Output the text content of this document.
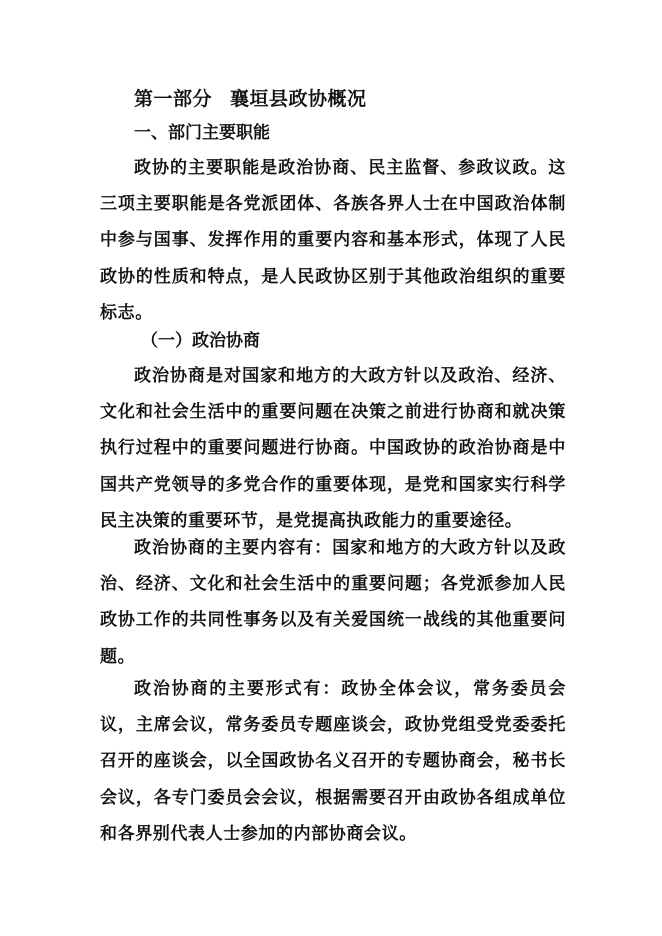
第一部分 襄垣县政协概况
一、部门主要职能

政协的主要职能是政治协商、民主监督、参政议政。这三项主要职能是各党派团体、各族各界人士在中国政治体制中参与国事、发挥作用的重要内容和基本形式，体现了人民政协的性质和特点，是人民政协区别于其他政治组织的重要标志。

（一）政治协商

政治协商是对国家和地方的大政方针以及政治、经济、文化和社会生活中的重要问题在决策之前进行协商和就决策执行过程中的重要问题进行协商。中国政协的政治协商是中国共产党领导的多党合作的重要体现，是党和国家实行科学民主决策的重要环节，是党提高执政能力的重要途径。

政治协商的主要内容有：国家和地方的大政方针以及政治、经济、文化和社会生活中的重要问题；各党派参加人民政协工作的共同性事务以及有关爱国统一战线的其他重要问题。

政治协商的主要形式有：政协全体会议，常务委员会议，主席会议，常务委员专题座谈会，政协党组受党委委托召开的座谈会，以全国政协名义召开的专题协商会，秘书长会议，各专门委员会会议，根据需要召开由政协各组成单位和各界别代表人士参加的内部协商会议。
